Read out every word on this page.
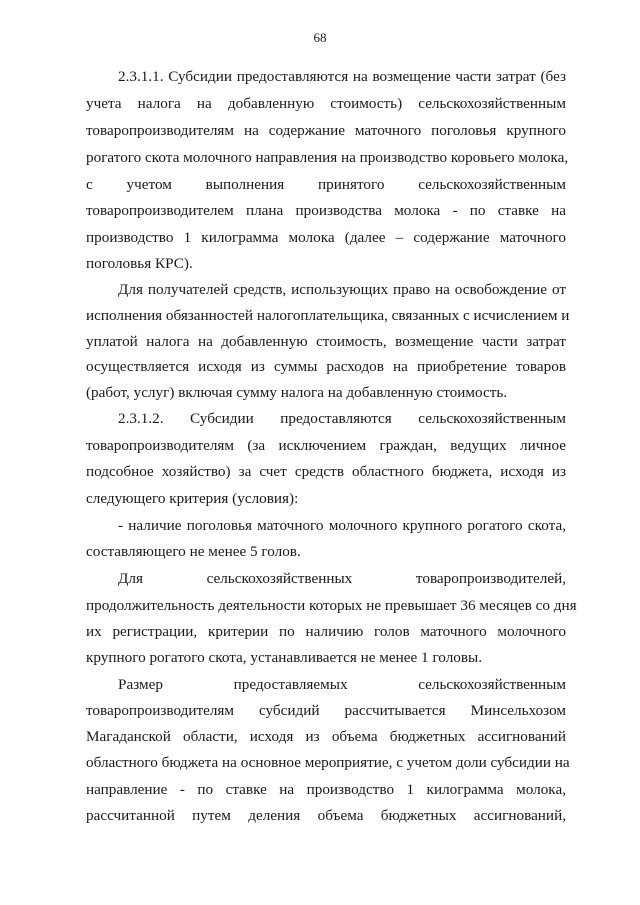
68
2.3.1.1. Субсидии предоставляются на возмещение части затрат (без
учета налога на добавленную стоимость) сельскохозяйственным
товаропроизводителям на содержание маточного поголовья крупного
рогатого скота молочного направления на производство коровьего молока,
с учетом выполнения принятого сельскохозяйственным
товаропроизводителем плана производства молока - по ставке на
производство 1 килограмма молока (далее – содержание маточного
поголовья КРС).
Для получателей средств, использующих право на освобождение от
исполнения обязанностей налогоплательщика, связанных с исчислением и
уплатой налога на добавленную стоимость, возмещение части затрат
осуществляется исходя из суммы расходов на приобретение товаров
(работ, услуг) включая сумму налога на добавленную стоимость.
2.3.1.2. Субсидии предоставляются сельскохозяйственным
товаропроизводителям (за исключением граждан, ведущих личное
подсобное хозяйство) за счет средств областного бюджета, исходя из
следующего критерия (условия):
- наличие поголовья маточного молочного крупного рогатого скота,
составляющего не менее 5 голов.
Для сельскохозяйственных товаропроизводителей,
продолжительность деятельности которых не превышает 36 месяцев со дня
их регистрации, критерии по наличию голов маточного молочного
крупного рогатого скота, устанавливается не менее 1 головы.
Размер предоставляемых сельскохозяйственным
товаропроизводителям субсидий рассчитывается Минсельхозом
Магаданской области, исходя из объема бюджетных ассигнований
областного бюджета на основное мероприятие, с учетом доли субсидии на
направление - по ставке на производство 1 килограмма молока,
рассчитанной путем деления объема бюджетных ассигнований,
